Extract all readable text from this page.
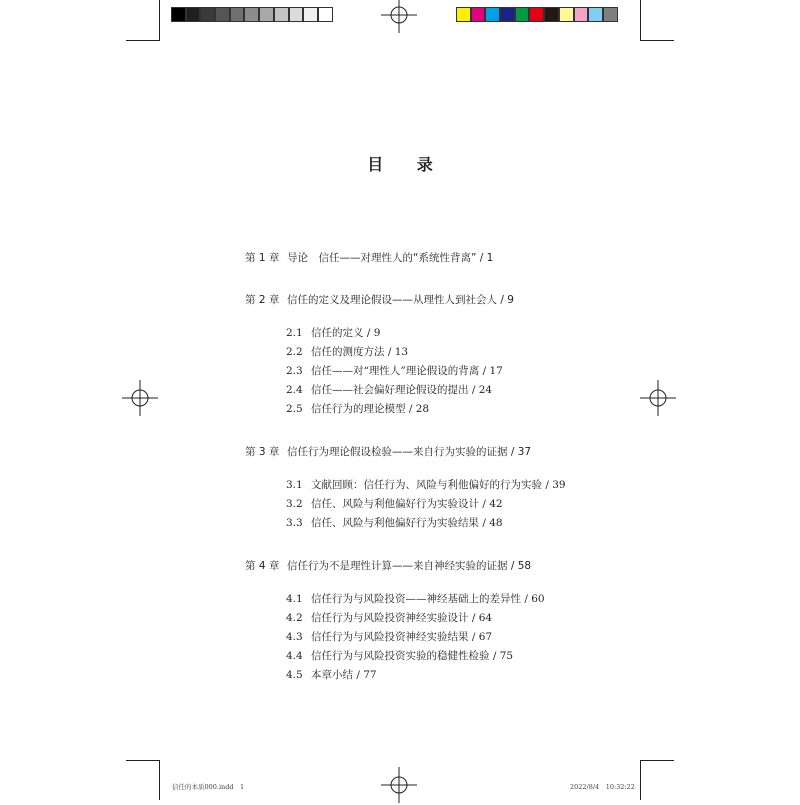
目 录
第 1 章 导论　信任——对理性人的“系统性背离” / 1
第 2 章 信任的定义及理论假设——从理性人到社会人 / 9
2.1 信任的定义 / 9
2.2 信任的测度方法 / 13
2.3 信任——对“理性人”理论假设的背离 / 17
2.4 信任——社会偏好理论假设的提出 / 24
2.5 信任行为的理论模型 / 28
第 3 章 信任行为理论假设检验——来自行为实验的证据 / 37
3.1 文献回顾：信任行为、风险与利他偏好的行为实验 / 39
3.2 信任、风险与利他偏好行为实验设计 / 42
3.3 信任、风险与利他偏好行为实验结果 / 48
第 4 章 信任行为不是理性计算——来自神经实验的证据 / 58
4.1 信任行为与风险投资——神经基础上的差异性 / 60
4.2 信任行为与风险投资神经实验设计 / 64
4.3 信任行为与风险投资神经实验结果 / 67
4.4 信任行为与风险投资实验的稳健性检验 / 75
4.5 本章小结 / 77
信任的本质000.indd　1	2022/8/4　10:32:22
